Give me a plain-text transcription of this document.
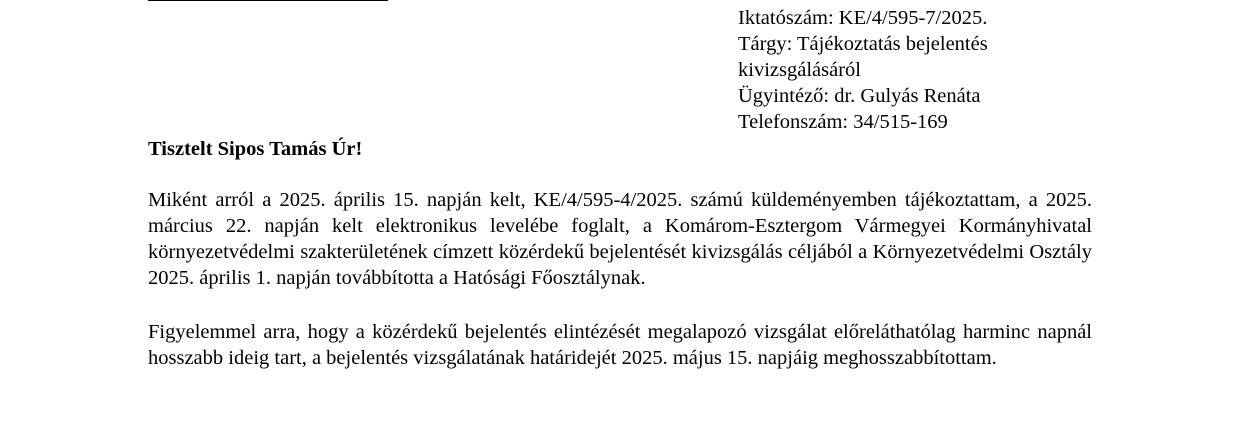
Iktatószám: KE/4/595-7/2025.
Tárgy: Tájékoztatás bejelentés
kivizsgálásáról
Ügyintéző: dr. Gulyás Renáta
Telefonszám: 34/515-169
Tisztelt Sipos Tamás Úr!
Miként arról a 2025. április 15. napján kelt, KE/4/595-4/2025. számú küldeményemben tájékoztattam, a 2025. március 22. napján kelt elektronikus levelébe foglalt, a Komárom-Esztergom Vármegyei Kormányhivatal környezetvédelmi szakterületének címzett közérdekű bejelentését kivizsgálás céljából a Környezetvédelmi Osztály 2025. április 1. napján továbbította a Hatósági Főosztálynak.
Figyelemmel arra, hogy a közérdekű bejelentés elintézését megalapozó vizsgálat előreláthatólag harminc napnál hosszabb ideig tart, a bejelentés vizsgálatának határidejét 2025. május 15. napjáig meghosszabbítottam.
